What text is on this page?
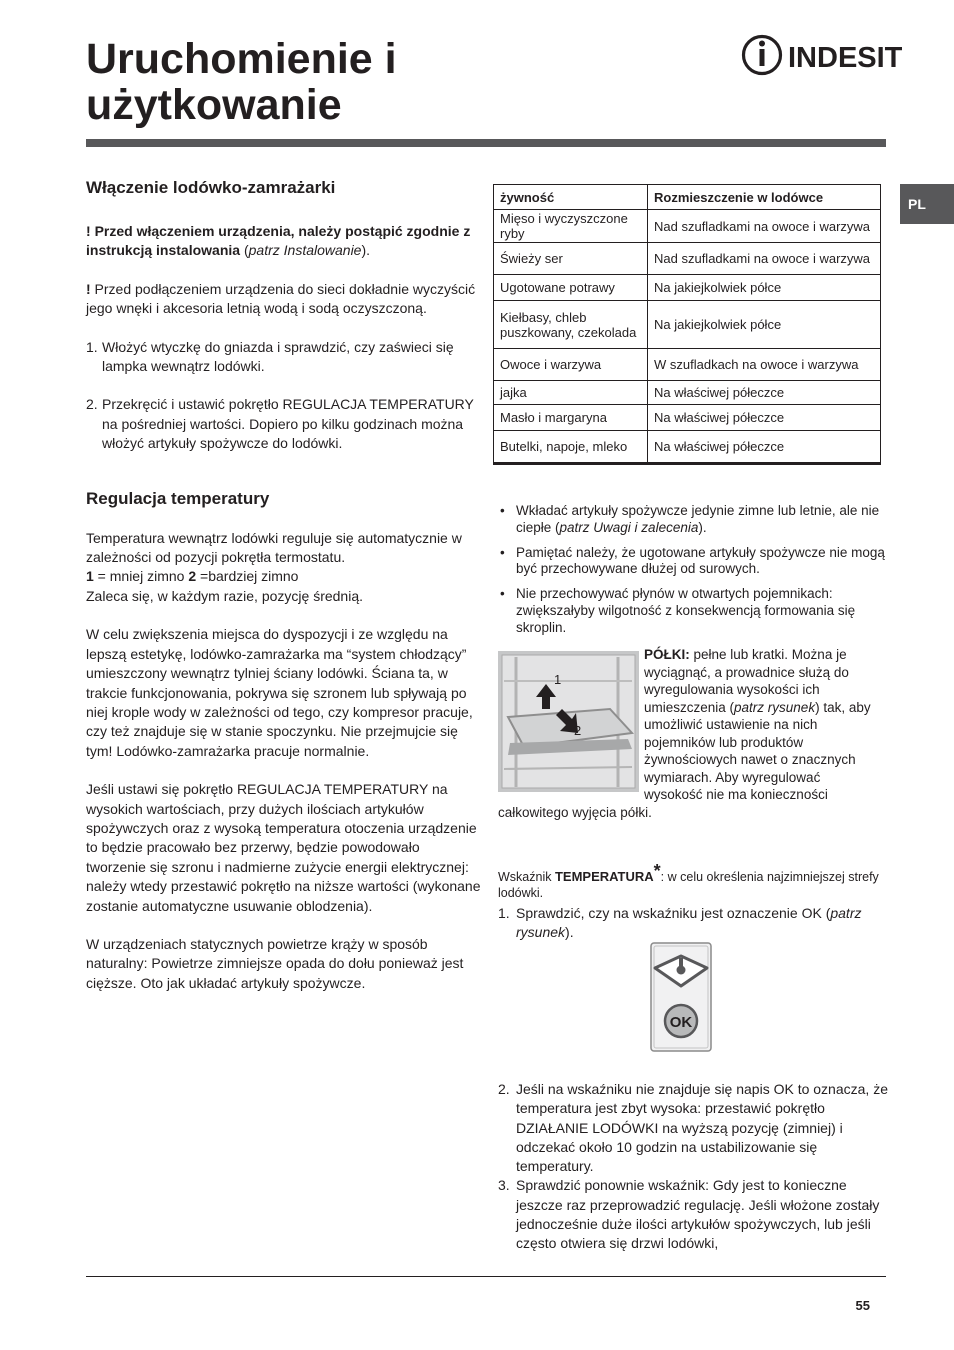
Uruchomienie i
użytkowanie
INDESIT
PL
Włączenie lodówko-zamrażarki

! Przed włączeniem urządzenia, należy postąpić zgodnie z instrukcją instalowania (patrz Instalowanie).

! Przed podłączeniem urządzenia do sieci dokładnie wyczyścić jego wnęki i akcesoria letnią wodą i sodą oczyszczoną.

1. Włożyć wtyczkę do gniazda i sprawdzić, czy zaświeci się lampka wewnątrz lodówki.

2. Przekręcić i ustawić pokrętło REGULACJA TEMPERATURY na pośredniej wartości. Dopiero po kilku godzinach można włożyć artykuły spożywcze do lodówki.

Regulacja temperatury

Temperatura wewnątrz lodówki reguluje się automatycznie w zależności od pozycji pokrętła termostatu.
1 = mniej zimno 2 =bardziej zimno
Zaleca się, w każdym razie, pozycję średnią.

W celu zwiększenia miejsca do dyspozycji i ze względu na lepszą estetykę, lodówko-zamrażarka ma “system chłodzący” umieszczony wewnątrz tylniej ściany lodówki. Ściana ta, w trakcie funkcjonowania, pokrywa się szronem lub spływają po niej krople wody w zależności od tego, czy kompresor pracuje, czy też znajduje się w stanie spoczynku. Nie przejmujcie się tym! Lodówko-zamrażarka pracuje normalnie.

Jeśli ustawi się pokrętło REGULACJA TEMPERATURY na wysokich wartościach, przy dużych ilościach artykułów spożywczych oraz z wysoką temperatura otoczenia urządzenie to będzie pracowało bez przerwy, będzie powodowało tworzenie się szronu i nadmierne zużycie energii elektrycznej: należy wtedy przestawić pokrętło na niższe wartości (wykonane zostanie automatyczne usuwanie oblodzenia).

W urządzeniach statycznych powietrze krąży w sposób naturalny: Powietrze zimniejsze opada do dołu ponieważ jest cięższe. Oto jak układać artykuły spożywcze.

żywność	Rozmieszczenie w lodówce
Mięso i wyczyszczone ryby	Nad szufladkami na owoce i warzywa
Świeży ser	Nad szufladkami na owoce i warzywa
Ugotowane potrawy	Na jakiejkolwiek półce
Kiełbasy, chleb puszkowany, czekolada	Na jakiejkolwiek półce
Owoce i warzywa	W szufladkach na owoce i warzywa
jajka	Na właściwej półeczce
Masło i margaryna	Na właściwej półeczce
Butelki, napoje, mleko	Na właściwej półeczce
• Wkładać artykuły spożywcze jedynie zimne lub letnie, ale nie ciepłe (patrz Uwagi i zalecenia).
• Pamiętać należy, że ugotowane artykuły spożywcze nie mogą być przechowywane dłużej od surowych.
• Nie przechowywać płynów w otwartych pojemnikach: zwiększałyby wilgotność z konsekwencją formowania się skroplin.
PÓŁKI: pełne lub kratki. Można je wyciągnąć, a prowadnice służą do wyregulowania wysokości ich umieszczenia (patrz rysunek) tak, aby umożliwić ustawienie na nich pojemników lub produktów żywnościowych nawet o znacznych wymiarach. Aby wyregulować wysokość nie ma konieczności całkowitego wyjęcia półki.
1
2

Wskaźnik TEMPERATURA*: w celu określenia najzimniejszej strefy lodówki.

1. Sprawdzić, czy na wskaźniku jest oznaczenie OK (patrz rysunek).
OK
2. Jeśli na wskaźniku nie znajduje się napis OK to oznacza, że temperatura jest zbyt wysoka: przestawić pokrętło DZIAŁANIE LODÓWKI na wyższą pozycję (zimniej) i odczekać około 10 godzin na ustabilizowanie się temperatury.
3. Sprawdzić ponownie wskaźnik: Gdy jest to konieczne jeszcze raz przeprowadzić regulację. Jeśli włożone zostały jednocześnie duże ilości artykułów spożywczych, lub jeśli często otwiera się drzwi lodówki,
55
